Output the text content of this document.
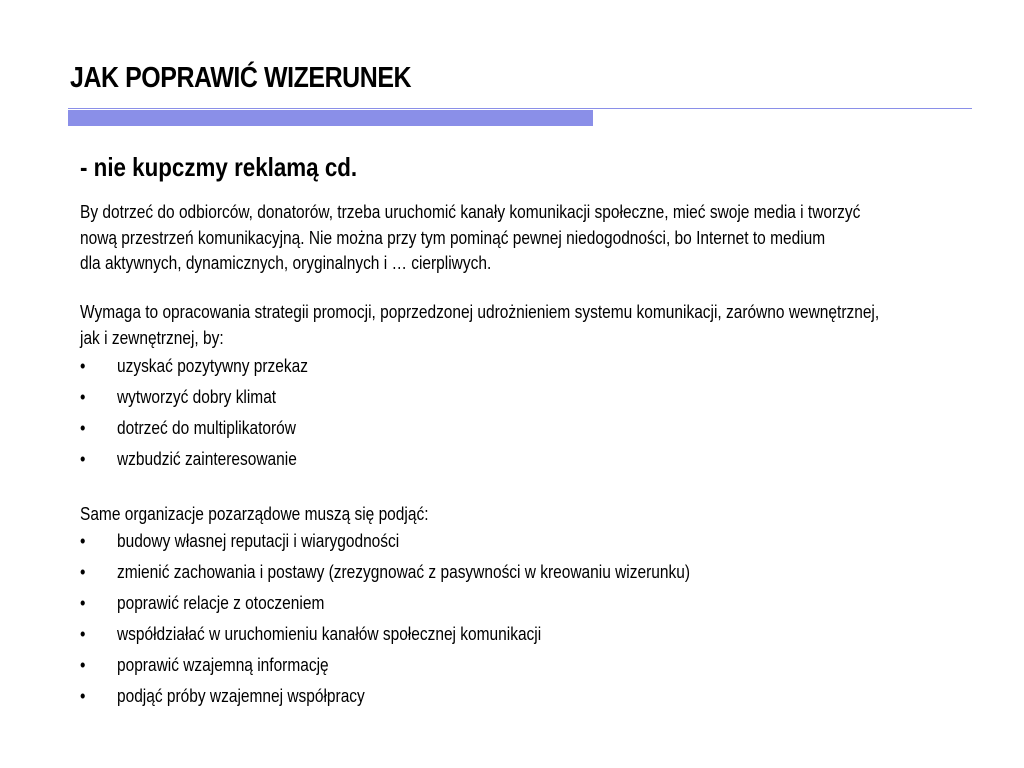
JAK POPRAWIĆ WIZERUNEK
- nie kupczmy reklamą cd.
By dotrzeć do odbiorców, donatorów, trzeba uruchomić kanały komunikacji społeczne, mieć swoje media i tworzyć
nową przestrzeń komunikacyjną. Nie można przy tym pominąć pewnej niedogodności, bo Internet to medium
dla aktywnych, dynamicznych, oryginalnych i … cierpliwych.
Wymaga to opracowania strategii promocji, poprzedzonej udrożnieniem systemu komunikacji, zarówno wewnętrznej,
jak i zewnętrznej, by:
• uzyskać pozytywny przekaz
• wytworzyć dobry klimat
• dotrzeć do multiplikatorów
• wzbudzić zainteresowanie
Same organizacje pozarządowe muszą się podjąć:
• budowy własnej reputacji i wiarygodności
• zmienić zachowania i postawy (zrezygnować z pasywności w kreowaniu wizerunku)
• poprawić relacje z otoczeniem
• współdziałać w uruchomieniu kanałów społecznej komunikacji
• poprawić wzajemną informację
• podjąć próby wzajemnej współpracy
